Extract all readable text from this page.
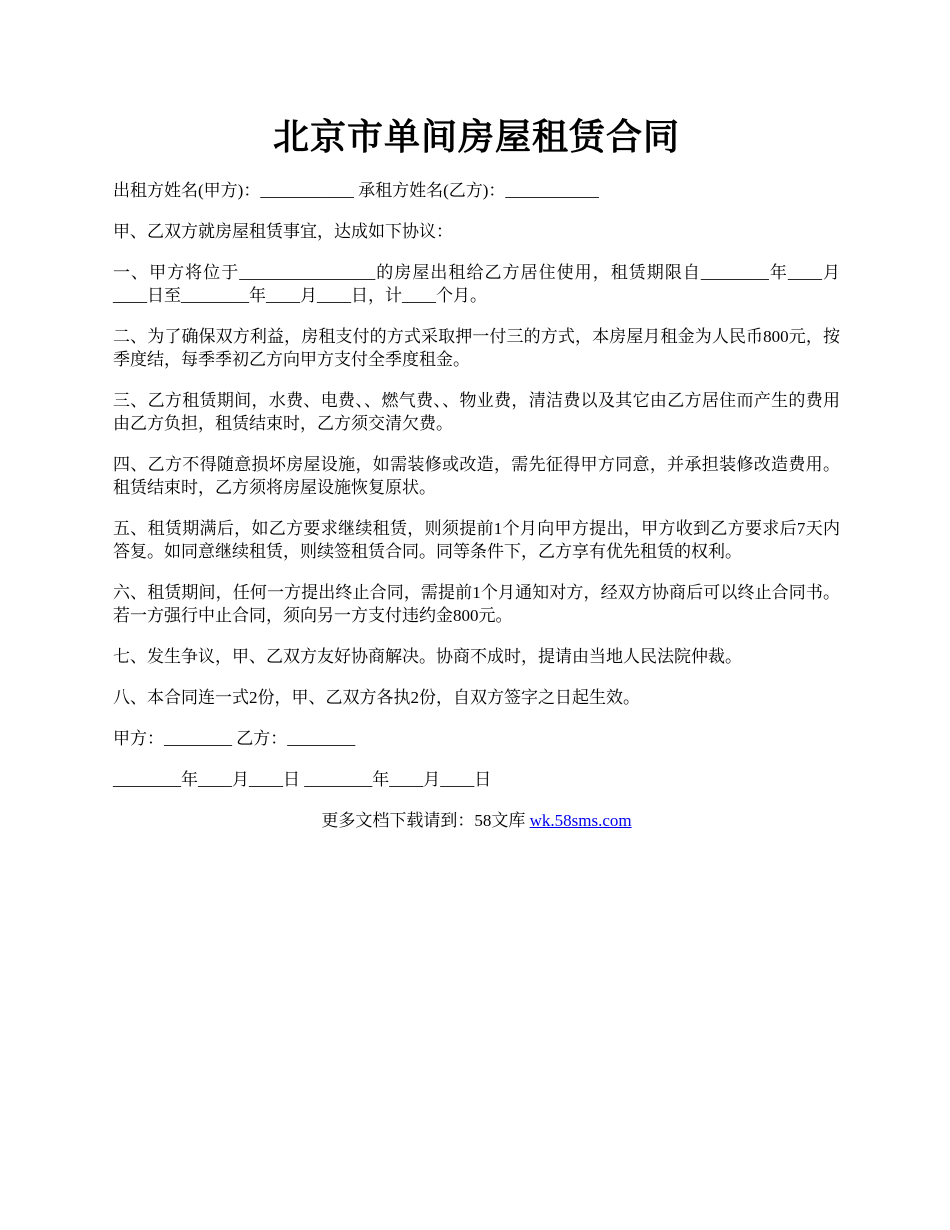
北京市单间房屋租赁合同

出租方姓名(甲方)：___________ 承租方姓名(乙方)：___________

甲、乙双方就房屋租赁事宜，达成如下协议：

一、甲方将位于________________的房屋出租给乙方居住使用，租赁期限自________年____月____日至________年____月____日，计____个月。

二、为了确保双方利益，房租支付的方式采取押一付三的方式，本房屋月租金为人民币800元，按季度结，每季季初乙方向甲方支付全季度租金。

三、乙方租赁期间，水费、电费、、燃气费、、物业费，清洁费以及其它由乙方居住而产生的费用由乙方负担，租赁结束时，乙方须交清欠费。

四、乙方不得随意损坏房屋设施，如需装修或改造，需先征得甲方同意，并承担装修改造费用。租赁结束时，乙方须将房屋设施恢复原状。

五、租赁期满后，如乙方要求继续租赁，则须提前1个月向甲方提出，甲方收到乙方要求后7天内答复。如同意继续租赁，则续签租赁合同。同等条件下，乙方享有优先租赁的权利。

六、租赁期间，任何一方提出终止合同，需提前1个月通知对方，经双方协商后可以终止合同书。若一方强行中止合同，须向另一方支付违约金800元。

七、发生争议，甲、乙双方友好协商解决。协商不成时，提请由当地人民法院仲裁。

八、本合同连一式2份，甲、乙双方各执2份，自双方签字之日起生效。

甲方：________ 乙方：________

________年____月____日 ________年____月____日

更多文档下载请到：58文库 wk.58sms.com
